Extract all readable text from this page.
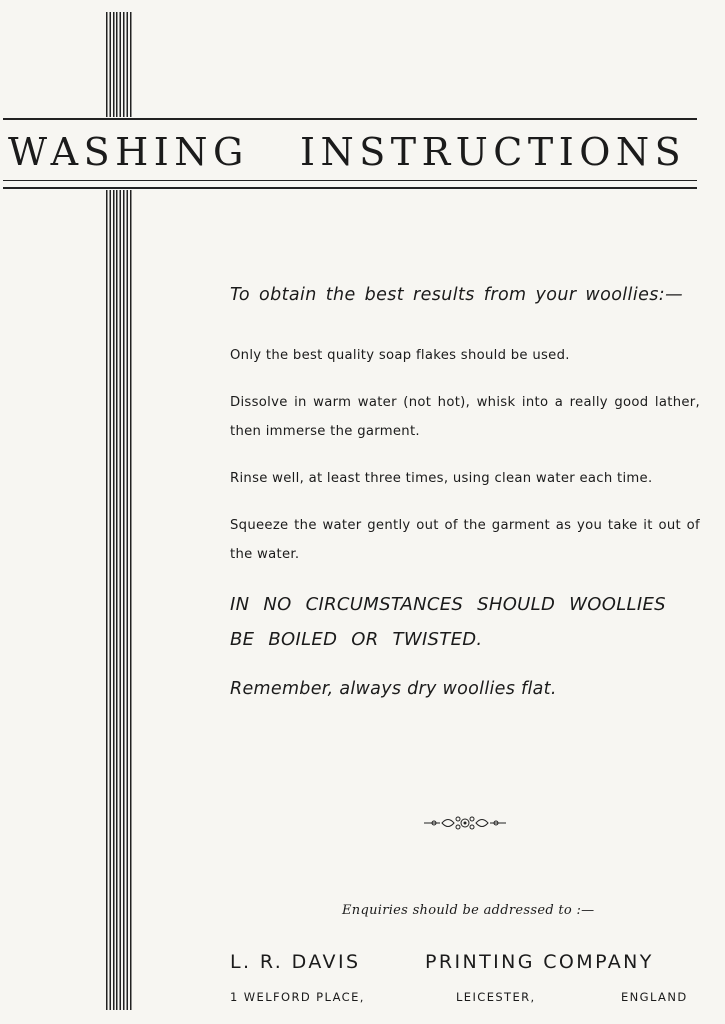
WASHING INSTRUCTIONS

To obtain the best results from your woollies:—

Only the best quality soap flakes should be used.

Dissolve in warm water (not hot), whisk into a really good lather, then immerse the garment.

Rinse well, at least three times, using clean water each time.

Squeeze the water gently out of the garment as you take it out of the water.

IN NO CIRCUMSTANCES SHOULD WOOLLIES BE BOILED OR TWISTED.

Remember, always dry woollies flat.

Enquiries should be addressed to :—
L. R. DAVIS	PRINTING COMPANY
1 WELFORD PLACE,	LEICESTER,	ENGLAND
